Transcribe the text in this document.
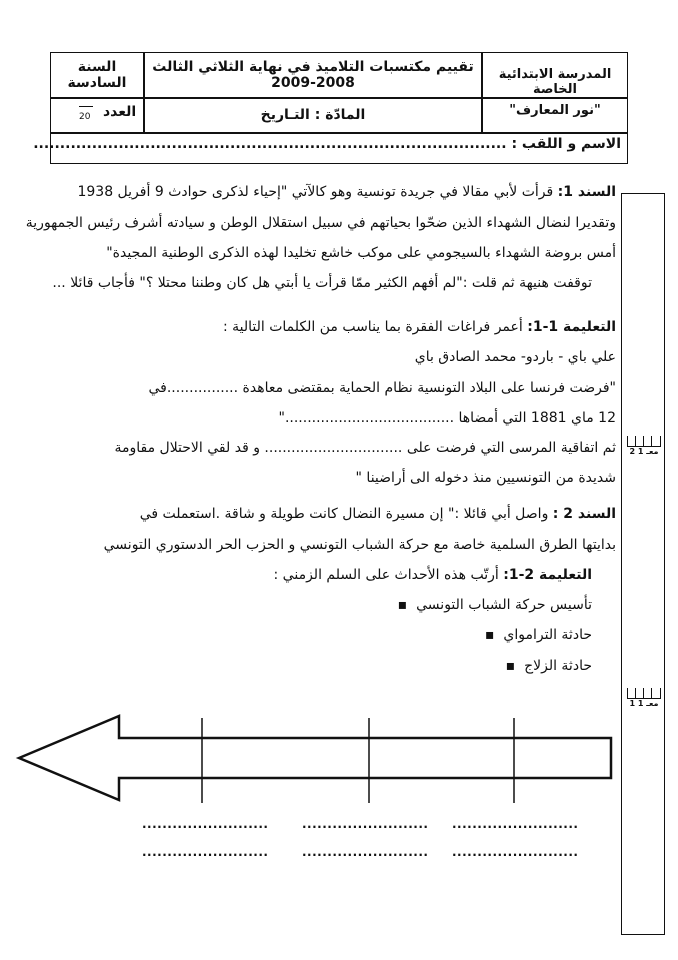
المدرسة الابتدائية الخاصة
"نور المعارف"
تقييم مكتسبات التلاميذ في نهاية الثلاثي الثالث
2009-2008
السنة السادسة
المادّة : التـاريخ
العدد
20
الاسم و اللقب : .........................................................................................
السند 1: قرأت لأبي مقالا في جريدة تونسية وهو كالآتي "إحياء لذكرى حوادث 9 أفريل 1938
وتقديرا لنضال الشهداء الذين ضحّوا بحياتهم في سبيل استقلال الوطن و سيادته أشرف رئيس الجمهورية
أمس بروضة الشهداء بالسيجومي على موكب خاشع تخليدا لهذه الذكرى الوطنية المجيدة"
توقفت هنيهة ثم قلت :"لم أفهم الكثير ممّا قرأت يا أبتي هل كان وطننا محتلا ؟" فأجاب قائلا ...
التعليمة 1-1: أعمر فراغات الفقرة بما يناسب من الكلمات التالية :
علي باي - باردو- محمد الصادق باي
"فرضت فرنسا على البلاد التونسية نظام الحماية بمقتضى معاهدة ................في
12 ماي 1881 التي أمضاها ......................................"
ثم اتفاقية المرسى التي فرضت على ............................... و قد لقي الاحتلال مقاومة
شديدة من التونسيين منذ دخوله الى أراضينا "
السند 2 : واصل أبي قائلا :" إن مسيرة النضال كانت طويلة و شاقة .استعملت في
بدايتها الطرق السلمية خاصة مع حركة الشباب التونسي و الحزب الحر الدستوري التونسي
التعليمة 2-1: أرتّب هذه الأحداث على السلم الزمني :
تأسيس حركة الشباب التونسي  ▪
حادثة الترامواي  ▪
حادثة الزلاج  ▪
.........................
.........................
.........................
.........................
.........................
.........................
معـ 1 2
معـ 1 1
